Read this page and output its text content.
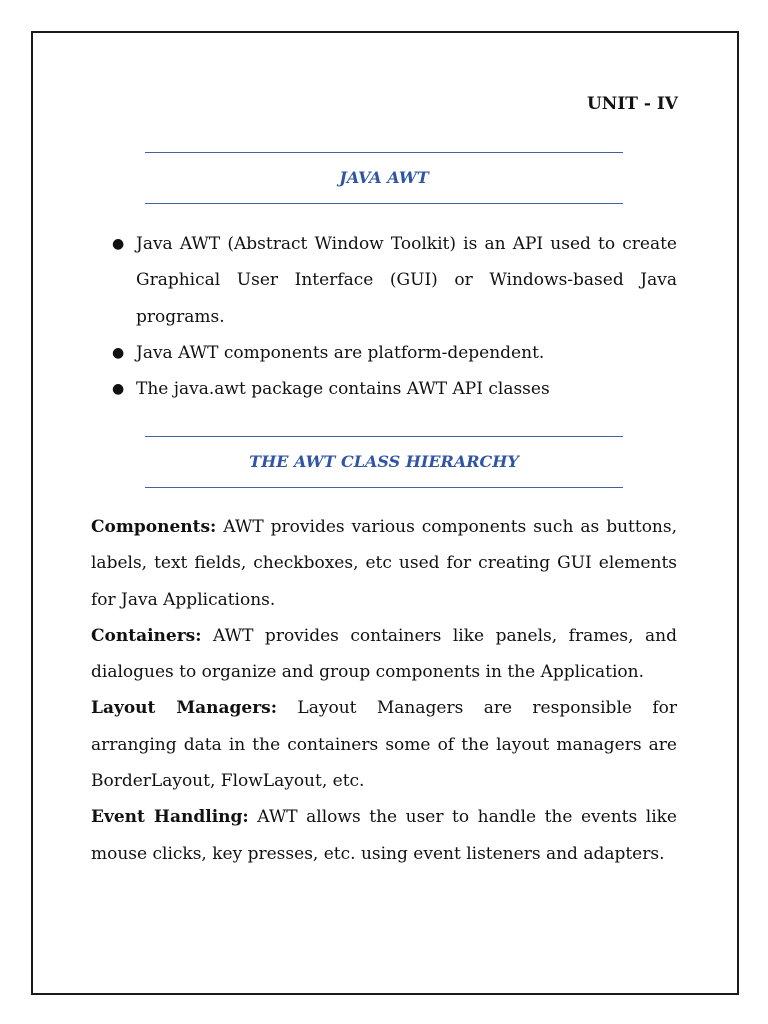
UNIT - IV
JAVA AWT
● Java AWT (Abstract Window Toolkit) is an API used to create Graphical User Interface (GUI) or Windows-based Java programs.
● Java AWT components are platform-dependent.
● The java.awt package contains AWT API classes
THE AWT CLASS HIERARCHY

Components: AWT provides various components such as buttons, labels, text fields, checkboxes, etc used for creating GUI elements for Java Applications.

Containers: AWT provides containers like panels, frames, and dialogues to organize and group components in the Application.

Layout Managers: Layout Managers are responsible for arranging data in the containers some of the layout managers are BorderLayout, FlowLayout, etc.

Event Handling: AWT allows the user to handle the events like mouse clicks, key presses, etc. using event listeners and adapters.
